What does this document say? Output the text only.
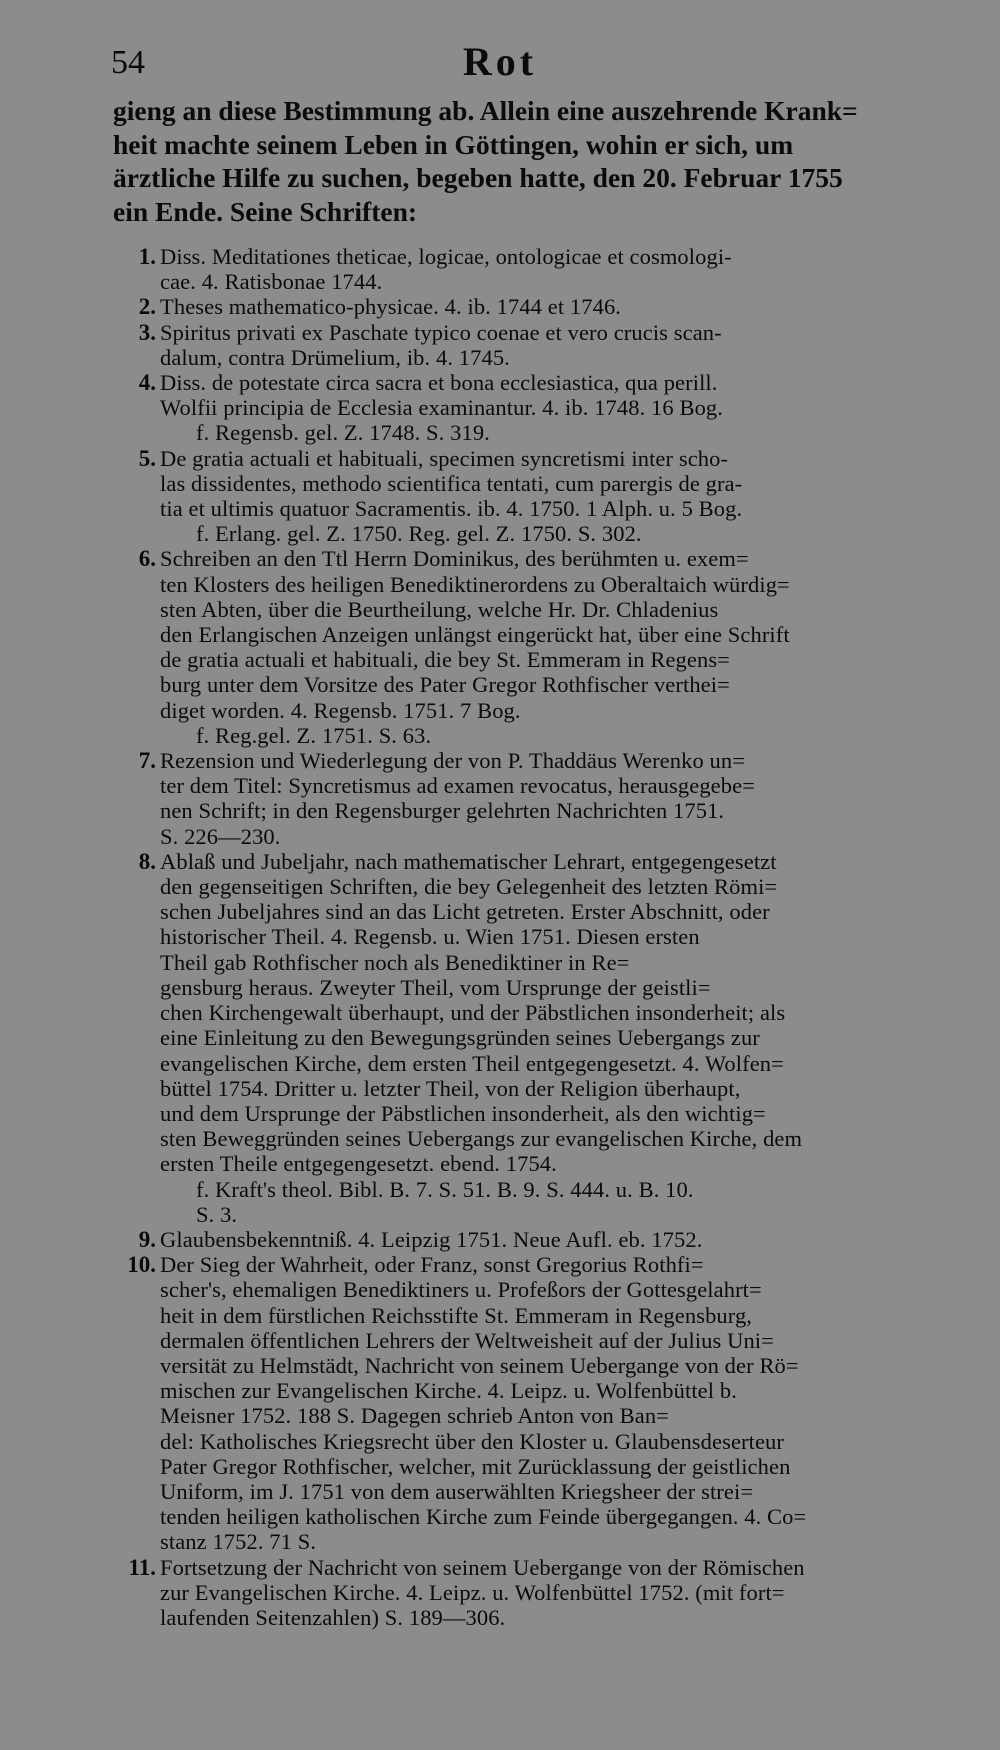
54	Rot
gieng an diese Bestimmung ab. Allein eine auszehrende Krank=
heit machte seinem Leben in Göttingen, wohin er sich, um
ärztliche Hilfe zu suchen, begeben hatte, den 20. Februar 1755
ein Ende. Seine Schriften:
1. Diss. Meditationes theticae, logicae, ontologicae et cosmologi-
cae. 4. Ratisbonae 1744.
2. Theses mathematico-physicae. 4. ib. 1744 et 1746.
3. Spiritus privati ex Paschate typico coenae et vero crucis scan-
dalum, contra Drümelium, ib. 4. 1745.
4. Diss. de potestate circa sacra et bona ecclesiastica, qua perill.
Wolfii principia de Ecclesia examinantur. 4. ib. 1748. 16 Bog.
f. Regensb. gel. Z. 1748. S. 319.
5. De gratia actuali et habituali, specimen syncretismi inter scho-
las dissidentes, methodo scientifica tentati, cum parergis de gra-
tia et ultimis quatuor Sacramentis. ib. 4. 1750. 1 Alph. u. 5 Bog.
f. Erlang. gel. Z. 1750. Reg. gel. Z. 1750. S. 302.
6. Schreiben an den Ttl Herrn Dominikus, des berühmten u. exem=
ten Klosters des heiligen Benediktinerordens zu Oberaltaich würdig=
sten Abten, über die Beurtheilung, welche Hr. Dr. Chladenius
den Erlangischen Anzeigen unlängst eingerückt hat, über eine Schrift
de gratia actuali et habituali, die bey St. Emmeram in Regens=
burg unter dem Vorsitze des Pater Gregor Rothfischer verthei=
diget worden. 4. Regensb. 1751. 7 Bog.
f. Reg.gel. Z. 1751. S. 63.
7. Rezension und Wiederlegung der von P. Thaddäus Werenko un=
ter dem Titel: Syncretismus ad examen revocatus, herausgegebe=
nen Schrift; in den Regensburger gelehrten Nachrichten 1751.
S. 226—230.
8. Ablaß und Jubeljahr, nach mathematischer Lehrart, entgegengesetzt
den gegenseitigen Schriften, die bey Gelegenheit des letzten Römi=
schen Jubeljahres sind an das Licht getreten. Erster Abschnitt, oder
historischer Theil. 4. Regensb. u. Wien 1751. Diesen ersten
Theil gab Rothfischer noch als Benediktiner in Re=
gensburg heraus. Zweyter Theil, vom Ursprunge der geistli=
chen Kirchengewalt überhaupt, und der Päbstlichen insonderheit; als
eine Einleitung zu den Bewegungsgründen seines Uebergangs zur
evangelischen Kirche, dem ersten Theil entgegengesetzt. 4. Wolfen=
büttel 1754. Dritter u. letzter Theil, von der Religion überhaupt,
und dem Ursprunge der Päbstlichen insonderheit, als den wichtig=
sten Beweggründen seines Uebergangs zur evangelischen Kirche, dem
ersten Theile entgegengesetzt. ebend. 1754.
f. Kraft's theol. Bibl. B. 7. S. 51. B. 9. S. 444. u. B. 10.
S. 3.
9. Glaubensbekenntniß. 4. Leipzig 1751. Neue Aufl. eb. 1752.
10. Der Sieg der Wahrheit, oder Franz, sonst Gregorius Rothfi=
scher's, ehemaligen Benediktiners u. Profeßors der Gottesgelahrt=
heit in dem fürstlichen Reichsstifte St. Emmeram in Regensburg,
dermalen öffentlichen Lehrers der Weltweisheit auf der Julius Uni=
versität zu Helmstädt, Nachricht von seinem Uebergange von der Rö=
mischen zur Evangelischen Kirche. 4. Leipz. u. Wolfenbüttel b.
Meisner 1752. 188 S. Dagegen schrieb Anton von Ban=
del: Katholisches Kriegsrecht über den Kloster u. Glaubensdeserteur
Pater Gregor Rothfischer, welcher, mit Zurücklassung der geistlichen
Uniform, im J. 1751 von dem auserwählten Kriegsheer der strei=
tenden heiligen katholischen Kirche zum Feinde übergegangen. 4. Co=
stanz 1752. 71 S.
11. Fortsetzung der Nachricht von seinem Uebergange von der Römischen
zur Evangelischen Kirche. 4. Leipz. u. Wolfenbüttel 1752. (mit fort=
laufenden Seitenzahlen) S. 189—306.
